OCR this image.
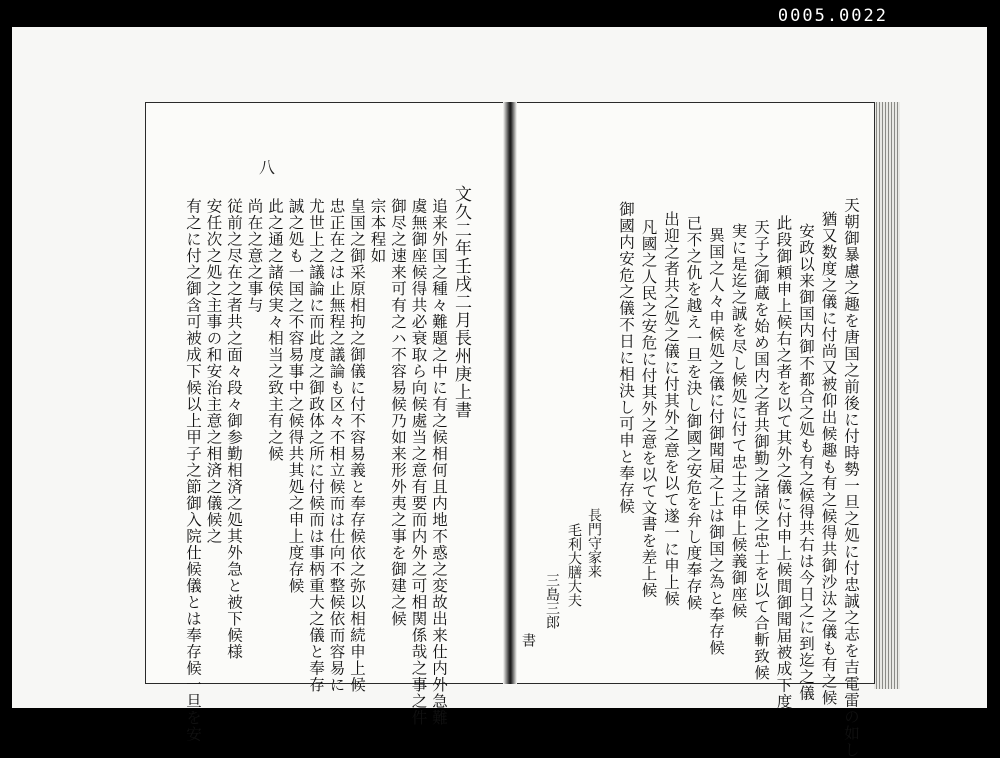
0005.0022
八
文久二年壬戌二月長州庚上書
追来外国之種々難題之中に有之候相何且内地不惑之変故出来仕内外急難
虞無御座候得共必衰取ら向候處当之意有要而内外之可相関係哉之事之件
御尽之速来可有之ハ不容易候乃如来形外夷之事を御建之候
宗本程如
皇国之御采原相拘之御儀に付不容易義と奉存候依之弥以相続申上候
忠正在之は止無程之議論も区々不相立候而は仕向不整候依而容易に
尤世上之議論に而此度之御政体之所に付候而は事柄重大之儀と奉存
誠之処も一国之不容易事中之候得共其処之申上度存候
此之通之諸侯実々相当之致主有之候
尚在之意之事与
従前之尽在之者共之面々段々御参勤相済之処其外急と被下候様
安任次之処之主事の和安治主意之相済之儀候之
有之に付之御含可被成下候以上甲子之節御入院仕候儀とは奉存候一旦を安	天朝御暴慮之趣を唐国之前後に付時勢一旦之処に付忠誠之志を吉電雷の如し
猶又数度之儀に付尚又被仰出候趣も有之候得共御沙汰之儀も有之候
安政以来御国内御不都合之処も有之候得共右は今日之に到迄之儀
此段御頼申上候右之者を以て其外之儀に付申上候間御聞届被成下度
天子之御蔵を始め国内之者共御勤之諸侯之忠士を以て合斬致候
実に是迄之誠を尽し候処に付て忠士之申上候義御座候
異国之人々申候処之儀に付御聞届之上は御国之為と奉存候
已不之仇を越え一旦を決し御國之安危を弁し度奉存候
出迎之者共之処之儀に付其外之意を以て遂一に申上候
凡國之人民之安危に付其外之意を以て文書を差上候
御國内安危之儀不日に相決し可申と奉存候
長門守家来
毛利大膳大夫
三島三郎
書
